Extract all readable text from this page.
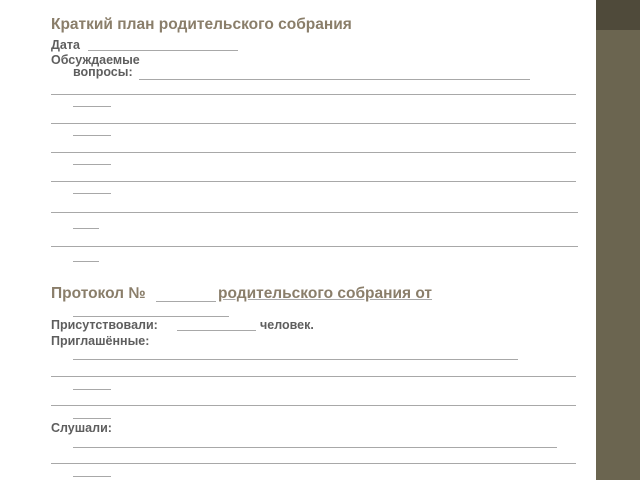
Краткий план родительского собрания
Дата
Обсуждаемые
вопросы:
Протокол №	родительского собрания от
Присутствовали:	человек.
Приглашённые:
Слушали:
